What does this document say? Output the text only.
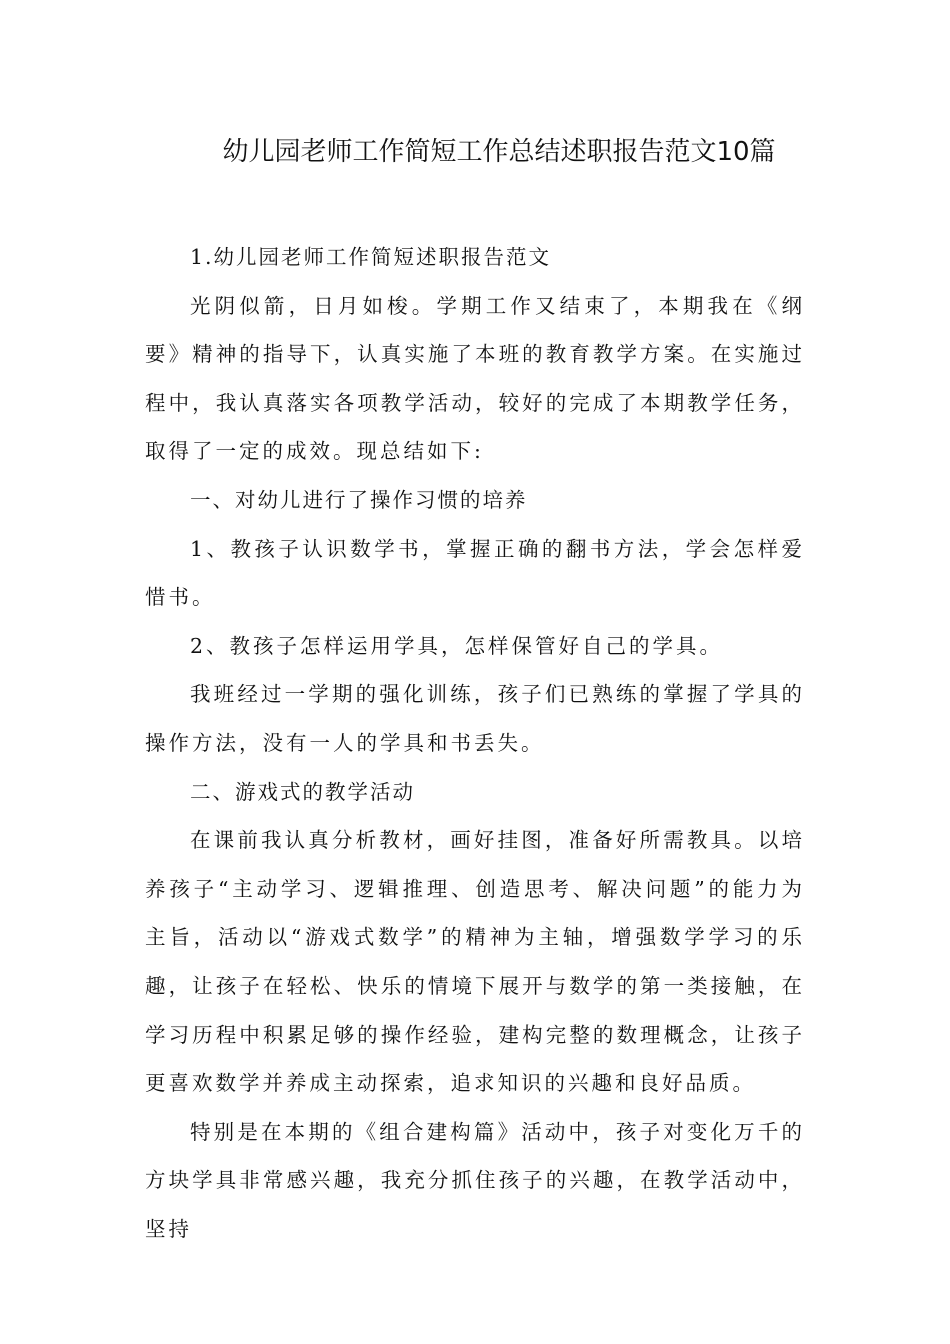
幼儿园老师工作简短工作总结述职报告范文10篇

1.幼儿园老师工作简短述职报告范文

光阴似箭，日月如梭。学期工作又结束了，本期我在《纲要》精神的指导下，认真实施了本班的教育教学方案。在实施过程中，我认真落实各项教学活动，较好的完成了本期教学任务，取得了一定的成效。现总结如下:

一、对幼儿进行了操作习惯的培养

1、教孩子认识数学书，掌握正确的翻书方法，学会怎样爱惜书。

2、教孩子怎样运用学具，怎样保管好自己的学具。

我班经过一学期的强化训练，孩子们已熟练的掌握了学具的操作方法，没有一人的学具和书丢失。

二、游戏式的教学活动

在课前我认真分析教材，画好挂图，准备好所需教具。以培养孩子“主动学习、逻辑推理、创造思考、解决问题”的能力为主旨，活动以“游戏式数学”的精神为主轴，增强数学学习的乐趣，让孩子在轻松、快乐的情境下展开与数学的第一类接触，在学习历程中积累足够的操作经验，建构完整的数理概念，让孩子更喜欢数学并养成主动探索，追求知识的兴趣和良好品质。

特别是在本期的《组合建构篇》活动中，孩子对变化万千的方块学具非常感兴趣，我充分抓住孩子的兴趣，在教学活动中，坚持
